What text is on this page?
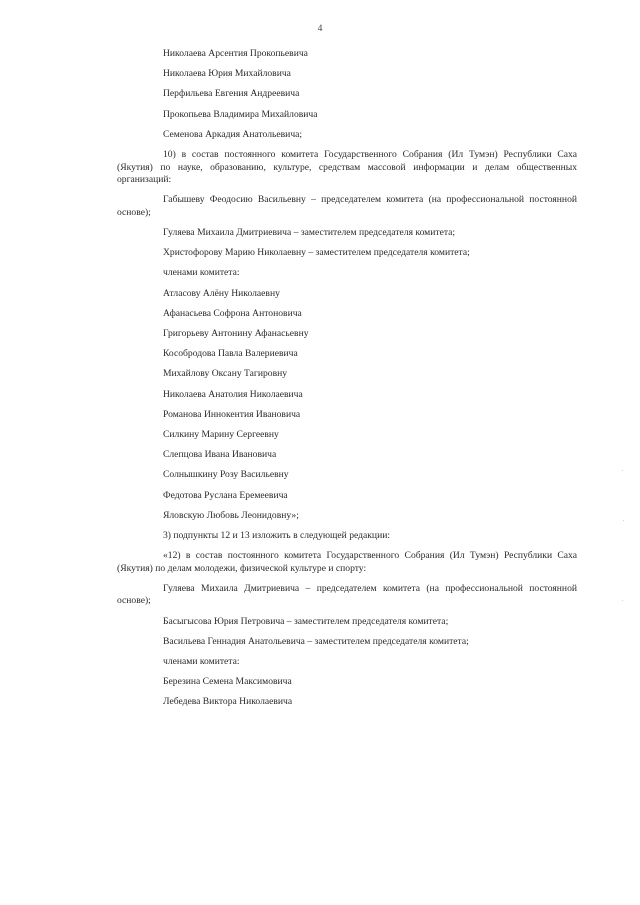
4

Николаева Арсентия Прокопьевича

Николаева Юрия Михайловича

Перфильева Евгения Андреевича

Прокопьева Владимира Михайловича

Семенова Аркадия Анатольевича;

10) в состав постоянного комитета Государственного Собрания (Ил Тумэн) Республики Саха (Якутия) по науке, образованию, культуре, средствам массовой информации и делам общественных организаций:

Габышеву Феодосию Васильевну – председателем комитета (на профессиональной постоянной основе);

Гуляева Михаила Дмитриевича – заместителем председателя комитета;

Христофорову Марию Николаевну – заместителем председателя комитета;

членами комитета:

Атласову Алёну Николаевну

Афанасьева Софрона Антоновича

Григорьеву Антонину Афанасьевну

Кособродова Павла Валериевича

Михайлову Оксану Тагировну

Николаева Анатолия Николаевича

Романова Иннокентия Ивановича

Силкину Марину Сергеевну

Слепцова Ивана Ивановича

Солнышкину Розу Васильевну

Федотова Руслана Еремеевича

Яловскую Любовь Леонидовну»;

3) подпункты 12 и 13 изложить в следующей редакции:

«12) в состав постоянного комитета Государственного Собрания (Ил Тумэн) Республики Саха (Якутия) по делам молодежи, физической культуре и спорту:

Гуляева Михаила Дмитриевича – председателем комитета (на профессиональной постоянной основе);

Басыгысова Юрия Петровича – заместителем председателя комитета;

Васильева Геннадия Анатольевича – заместителем председателя комитета;

членами комитета:

Березина Семена Максимовича

Лебедева Виктора Николаевича
